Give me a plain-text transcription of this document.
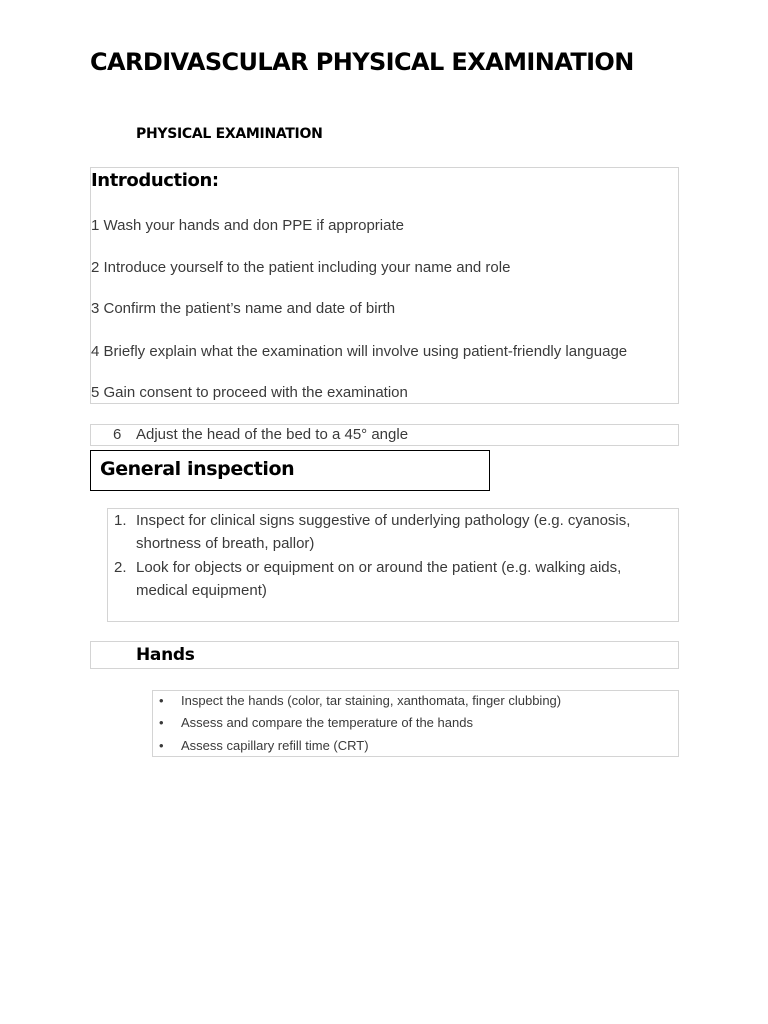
CARDIVASCULAR PHYSICAL EXAMINATION
PHYSICAL EXAMINATION
Introduction:
1 Wash your hands and don PPE if appropriate
2 Introduce yourself to the patient including your name and role
3 Confirm the patient’s name and date of birth
4 Briefly explain what the examination will involve using patient-friendly language
5 Gain consent to proceed with the examination
6 Adjust the head of the bed to a 45° angle
General inspection
1. Inspect for clinical signs suggestive of underlying pathology (e.g. cyanosis, shortness of breath, pallor)
2. Look for objects or equipment on or around the patient (e.g. walking aids, medical equipment)
Hands
• Inspect the hands (color, tar staining, xanthomata, finger clubbing)
• Assess and compare the temperature of the hands
• Assess capillary refill time (CRT)
